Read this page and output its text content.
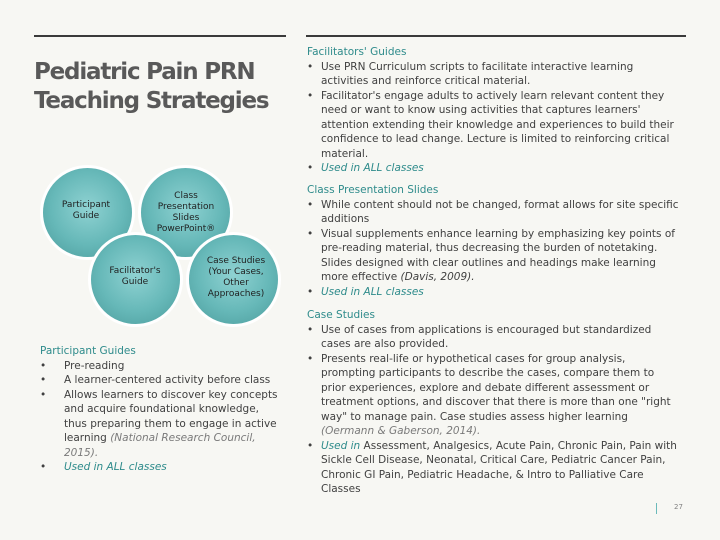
Pediatric Pain PRN Teaching Strategies
Participant Guide
Class Presentation Slides PowerPoint®
Facilitator's Guide
Case Studies (Your Cases, Other Approaches)

Participant Guides

•	Pre-reading
•	A learner-centered activity before class
•	Allows learners to discover key concepts and acquire foundational knowledge, thus preparing them to engage in active learning (National Research Council, 2015).
•	Used in ALL classes

Facilitators' Guides

• Use PRN Curriculum scripts to facilitate interactive learning activities and reinforce critical material.
• Facilitator's engage adults to actively learn relevant content they need or want to know using activities that captures learners' attention extending their knowledge and experiences to build their confidence to lead change. Lecture is limited to reinforcing critical material.
• Used in ALL classes

Class Presentation Slides

• While content should not be changed, format allows for site specific additions
• Visual supplements enhance learning by emphasizing key points of pre-reading material, thus decreasing the burden of notetaking. Slides designed with clear outlines and headings make learning more effective (Davis, 2009).
• Used in ALL classes

Case Studies

• Use of cases from applications is encouraged but standardized cases are also provided.
• Presents real-life or hypothetical cases for group analysis, prompting participants to describe the cases, compare them to prior experiences, explore and debate different assessment or treatment options, and discover that there is more than one "right way" to manage pain. Case studies assess higher learning (Oermann & Gaberson, 2014).
• Used in Assessment, Analgesics, Acute Pain, Chronic Pain, Pain with Sickle Cell Disease, Neonatal, Critical Care, Pediatric Cancer Pain, Chronic GI Pain, Pediatric Headache, & Intro to Palliative Care Classes
27
